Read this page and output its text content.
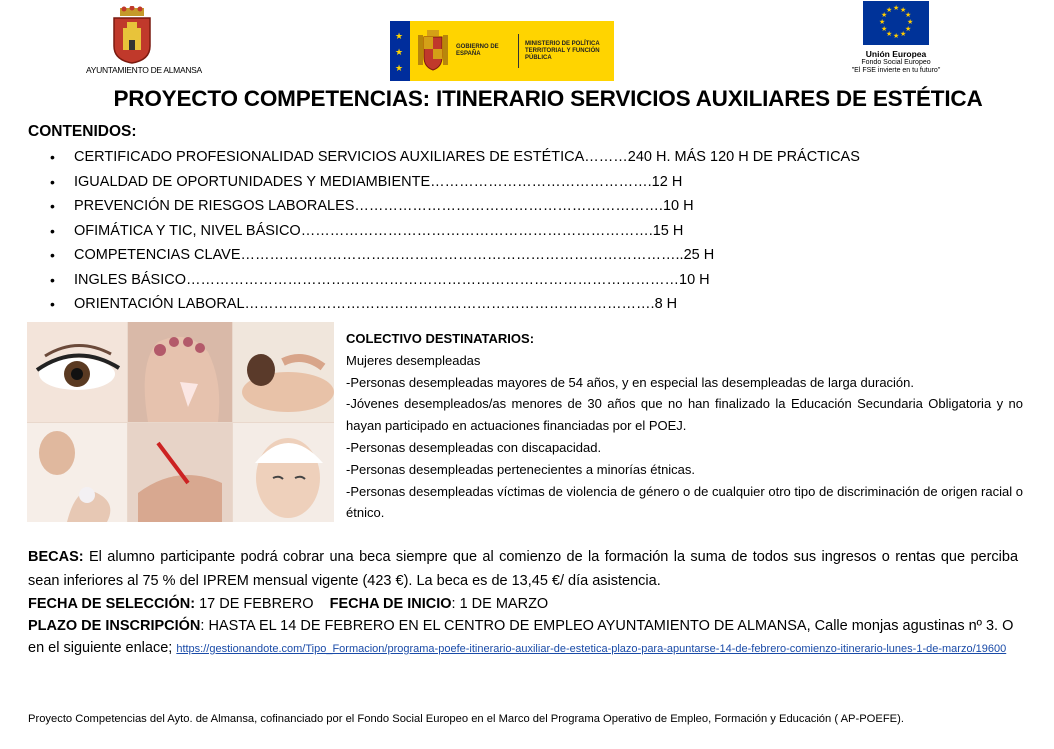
AYUNTAMIENTO DE ALMANSA
★
★
★
GOBIERNO DE ESPAÑA
MINISTERIO DE POLÍTICA TERRITORIAL Y FUNCIÓN PÚBLICA
★ ★
★
★
★
★
★
★
★
★
★
★
Unión Europea
Fondo Social Europeo
"El FSE invierte en tu futuro"
PROYECTO COMPETENCIAS: ITINERARIO SERVICIOS AUXILIARES DE ESTÉTICA
CONTENIDOS:
• CERTIFICADO PROFESIONALIDAD SERVICIOS AUXILIARES DE ESTÉTICA………240 H. MÁS 120 H DE PRÁCTICAS
• IGUALDAD DE OPORTUNIDADES Y MEDIAMBIENTE……………………………………….12 H
• PREVENCIÓN DE RIESGOS LABORALES……………………………………………………….10 H
• OFIMÁTICA Y TIC, NIVEL BÁSICO……………………………………………………………….15 H
• COMPETENCIAS CLAVE………………………………………………………………………………..25 H
• INGLES BÁSICO…………………………………………………………………………………………10 H
• ORIENTACIÓN LABORAL………………………………………………………………………….8 H

COLECTIVO DESTINATARIOS:

Mujeres desempleadas

-Personas desempleadas mayores de 54 años, y en especial las desempleadas de larga duración.

-Jóvenes desempleados/as menores de 30 años que no han finalizado la Educación Secundaria Obligatoria y no hayan participado en actuaciones financiadas por el POEJ.

-Personas desempleadas con discapacidad.

-Personas desempleadas pertenecientes a minorías étnicas.

-Personas desempleadas víctimas de violencia de género o de cualquier otro tipo de discriminación de origen racial o étnico.

BECAS: El alumno participante podrá cobrar una beca siempre que al comienzo de la formación la suma de todos sus ingresos o rentas que perciba sean inferiores al 75 % del IPREM mensual vigente (423 €). La beca es de 13,45 €/ día asistencia.
FECHA DE SELECCIÓN: 17 DE FEBRERO FECHA DE INICIO: 1 DE MARZO
PLAZO DE INSCRIPCIÓN: HASTA EL 14 DE FEBRERO EN EL CENTRO DE EMPLEO AYUNTAMIENTO DE ALMANSA, Calle monjas agustinas nº 3. O en el siguiente enlace; https://gestionandote.com/Tipo_Formacion/programa-poefe-itinerario-auxiliar-de-estetica-plazo-para-apuntarse-14-de-febrero-comienzo-itinerario-lunes-1-de-marzo/19600
Proyecto Competencias del Ayto. de Almansa, cofinanciado por el Fondo Social Europeo en el Marco del Programa Operativo de Empleo, Formación y Educación ( AP-POEFE).
